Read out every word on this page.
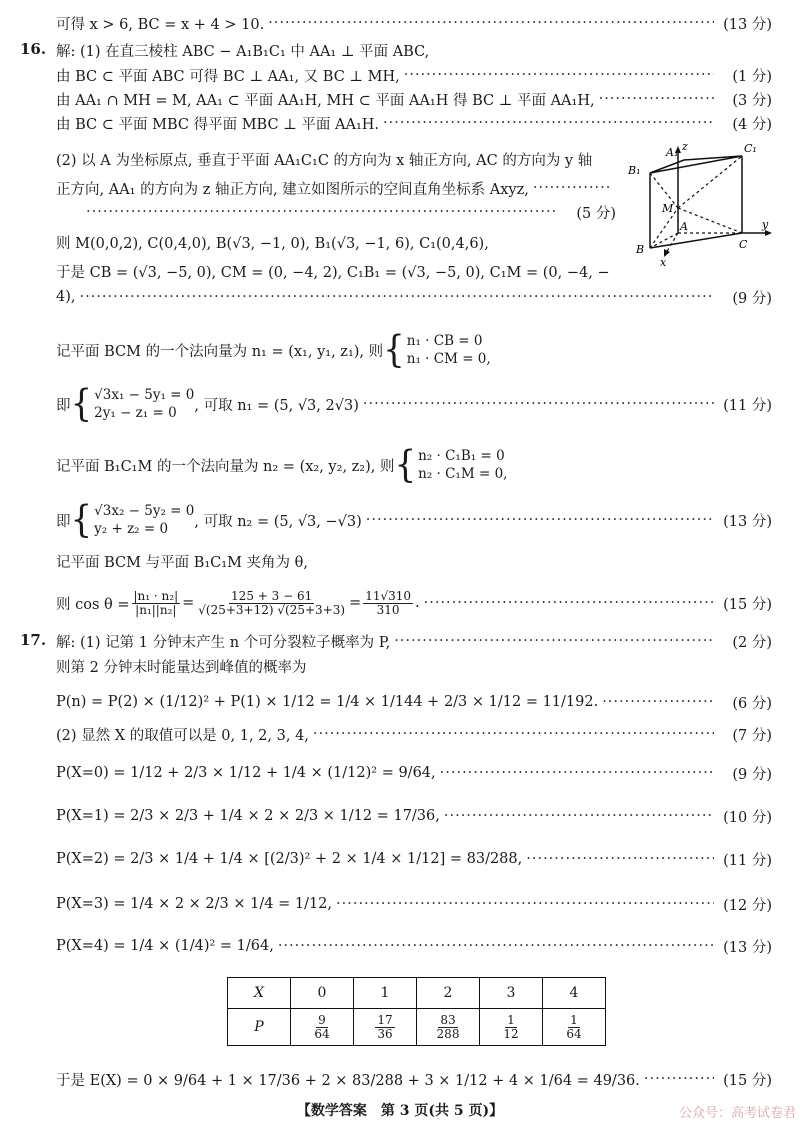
可得 x > 6, BC = x + 4 > 10. ·····	(13 分)
16. 解: (1) 在直三棱柱 ABC − A₁B₁C₁ 中 AA₁ ⊥ 平面 ABC,
由 BC ⊂ 平面 ABC 可得 BC ⊥ AA₁, 又 BC ⊥ MH, ·····	(1 分)
由 AA₁ ∩ MH = M, AA₁ ⊂ 平面 AA₁H, MH ⊂ 平面 AA₁H 得 BC ⊥ 平面 AA₁H, ·····	(3 分)
由 BC ⊂ 平面 MBC 得平面 MBC ⊥ 平面 AA₁H. ·····	(4 分)
(2) 以 A 为坐标原点, 垂直于平面 AA₁C₁C 的方向为 x 轴正方向, AC 的方向为 y 轴
正方向, AA₁ 的方向为 z 轴正方向, 建立如图所示的空间直角坐标系 Axyz,
·····
·····
(5 分)
A₁ z	C₁
B₁
M
A	y
B	C
x
则 M(0,0,2), C(0,4,0), B(√3, −1, 0), B₁(√3, −1, 6), C₁(0,4,6),
于是 CB = (√3, −5, 0), CM = (0, −4, 2), C₁B₁ = (√3, −5, 0), C₁M = (0, −4, −
4), ·····	(9 分)
记平面 BCM 的一个法向量为 n₁ = (x₁, y₁, z₁), 则 { n₁ · CB = 0
n₁ · CM = 0,
即 { √3x₁ − 5y₁ = 0
2y₁ − z₁ = 0	, 可取 n₁ = (5, √3, 2√3) ·····	(11 分)
记平面 B₁C₁M 的一个法向量为 n₂ = (x₂, y₂, z₂), 则 { n₂ · C₁B₁ = 0
n₂ · C₁M = 0,
即 { √3x₂ − 5y₂ = 0
y₂ + z₂ = 0	, 可取 n₂ = (5, √3, −√3) ·····	(13 分)
记平面 BCM 与平面 B₁C₁M 夹角为 θ,
则 $\cos \theta = \frac{\text{|n₁ · n₂|}}{\text{|n₁||n₂|}} = \frac{125 + 3 - 61}{√(25+3+12) √(25+3+3)} = \frac{11√310}{310}$ . ·····	(15 分)
17. 解: (1) 记第 1 分钟末产生 n 个可分裂粒子概率为 P, ·····	(2 分)
则第 2 分钟末时能量达到峰值的概率为
P(n) = P(2) × (1/12)² + P(1) × 1/12 = 1/4 × 1/144 + 2/3 × 1/12 = 11/192. ·····	(6 分)
(2) 显然 X 的取值可以是 0, 1, 2, 3, 4, ·····	(7 分)
P(X=0) = 1/12 + 2/3 × 1/12 + 1/4 × (1/12)² = 9/64, ·····	(9 分)
P(X=1) = 2/3 × 2/3 + 1/4 × 2 × 2/3 × 1/12 = 17/36, ·····	(10 分)
P(X=2) = 2/3 × 1/4 + 1/4 × [(2/3)² + 2 × 1/4 × 1/12] = 83/288, ·····	(11 分)
P(X=3) = 1/4 × 2 × 2/3 × 1/4 = 1/12, ·····	(12 分)
P(X=4) = 1/4 × (1/4)² = 1/64, ·····	(13 分)
X	0	1	2	3	4
P	$\frac{9}{64}$	$\frac{17}{36}$	$\frac{83}{288}$	$\frac{1}{12}$	$\frac{1}{64}$
于是 E(X) = 0 × 9/64 + 1 × 17/36 + 2 × 83/288 + 3 × 1/12 + 4 × 1/64 = 49/36. ·····	(15 分)
【数学答案　第 3 页(共 5 页)】	公众号：高考试卷君
